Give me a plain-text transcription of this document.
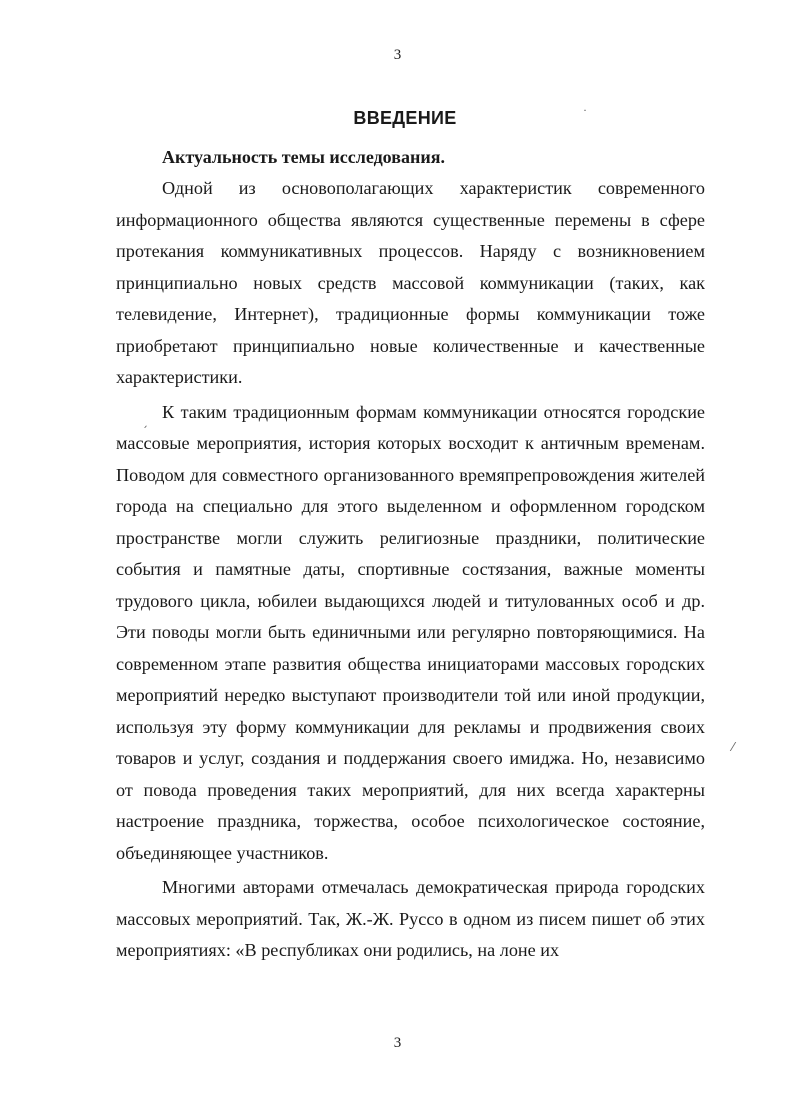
3
˙
ВВЕДЕНИЕ
Актуальность темы исследования.

Одной из основополагающих характеристик современного информационного общества являются существенные перемены в сфере протекания коммуникативных процессов. Наряду с возникновением принципиально новых средств массовой коммуникации (таких, как телевидение, Интернет), традиционные формы коммуникации тоже приобретают принципиально новые количественные и качественные характеристики.

К таким традиционным формам коммуникации относятся городские массовые мероприятия, история которых восходит к античным временам. Поводом для совместного организованного времяпрепровождения жителей города на специально для этого выделенном и оформленном городском пространстве могли служить религиозные праздники, политические события и памятные даты, спортивные состязания, важные моменты трудового цикла, юбилеи выдающихся людей и титулованных особ и др. Эти поводы могли быть единичными или регулярно повторяющимися. На современном этапе развития общества инициаторами массовых городских мероприятий нередко выступают производители той или иной продукции, используя эту форму коммуникации для рекламы и продвижения своих товаров и услуг, создания и поддержания своего имиджа. Но, независимо от повода проведения таких мероприятий, для них всегда характерны настроение праздника, торжества, особое психологическое состояние, объединяющее участников.

Многими авторами отмечалась демократическая природа городских массовых мероприятий. Так, Ж.-Ж. Руссо в одном из писем пишет об этих мероприятиях: «В республиках они родились, на лоне их

ˏ
⁄
3
